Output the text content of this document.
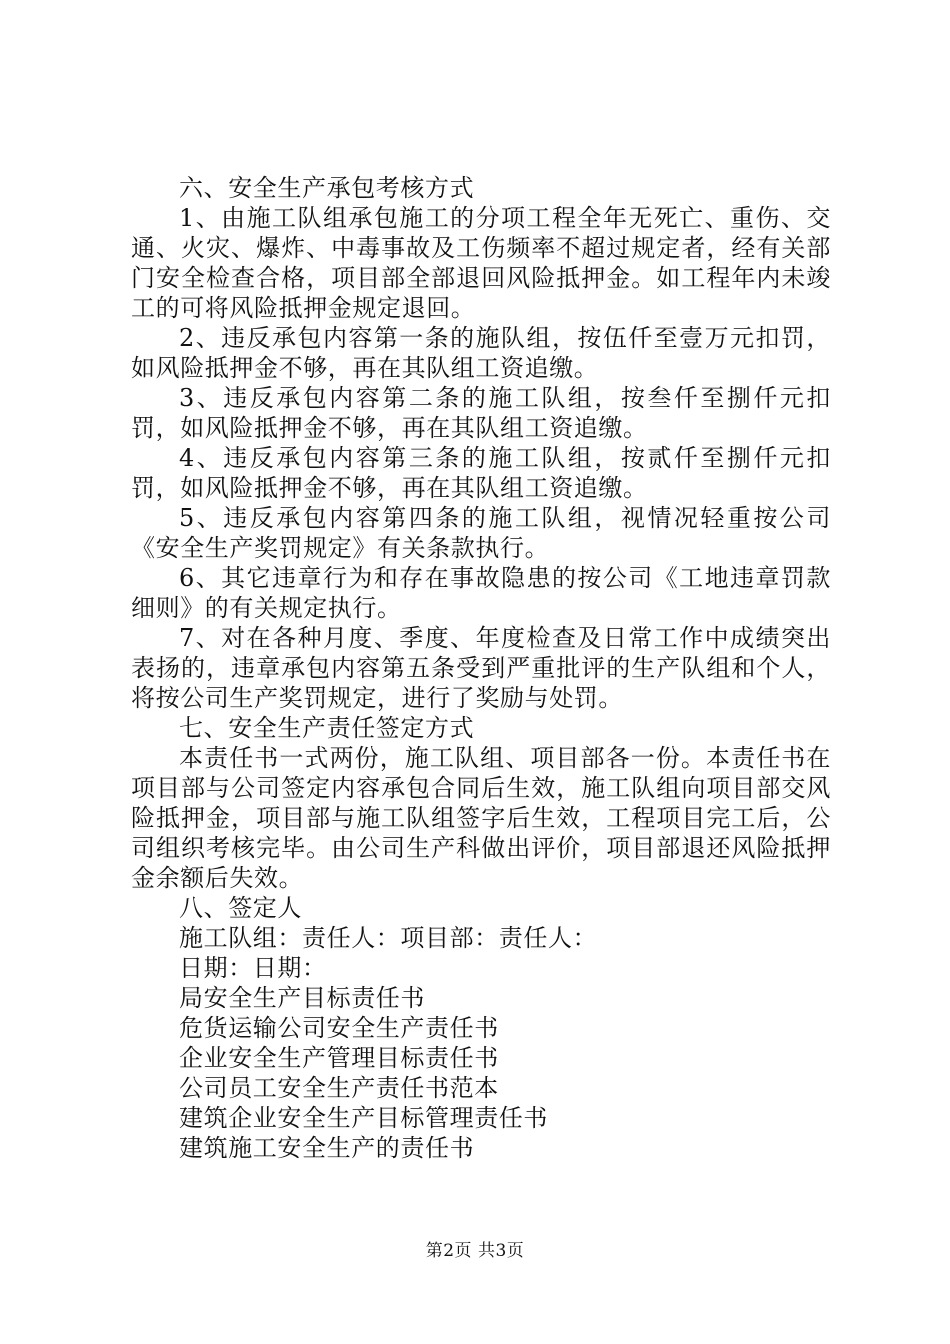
六、安全生产承包考核方式

1、由施工队组承包施工的分项工程全年无死亡、重伤、交通、火灾、爆炸、中毒事故及工伤频率不超过规定者，经有关部门安全检查合格，项目部全部退回风险抵押金。如工程年内未竣工的可将风险抵押金规定退回。

2、违反承包内容第一条的施队组，按伍仟至壹万元扣罚，如风险抵押金不够，再在其队组工资追缴。

3、违反承包内容第二条的施工队组，按叁仟至捌仟元扣罚，如风险抵押金不够，再在其队组工资追缴。

4、违反承包内容第三条的施工队组，按贰仟至捌仟元扣罚，如风险抵押金不够，再在其队组工资追缴。

5、违反承包内容第四条的施工队组，视情况轻重按公司《安全生产奖罚规定》有关条款执行。

6、其它违章行为和存在事故隐患的按公司《工地违章罚款细则》的有关规定执行。

7、对在各种月度、季度、年度检查及日常工作中成绩突出表扬的，违章承包内容第五条受到严重批评的生产队组和个人，将按公司生产奖罚规定，进行了奖励与处罚。

七、安全生产责任签定方式

本责任书一式两份，施工队组、项目部各一份。本责任书在项目部与公司签定内容承包合同后生效，施工队组向项目部交风险抵押金，项目部与施工队组签字后生效，工程项目完工后，公司组织考核完毕。由公司生产科做出评价，项目部退还风险抵押金余额后失效。

八、签定人

施工队组：责任人：项目部：责任人：

日期：日期：

局安全生产目标责任书

危货运输公司安全生产责任书

企业安全生产管理目标责任书

公司员工安全生产责任书范本

建筑企业安全生产目标管理责任书

建筑施工安全生产的责任书

第2页 共3页
